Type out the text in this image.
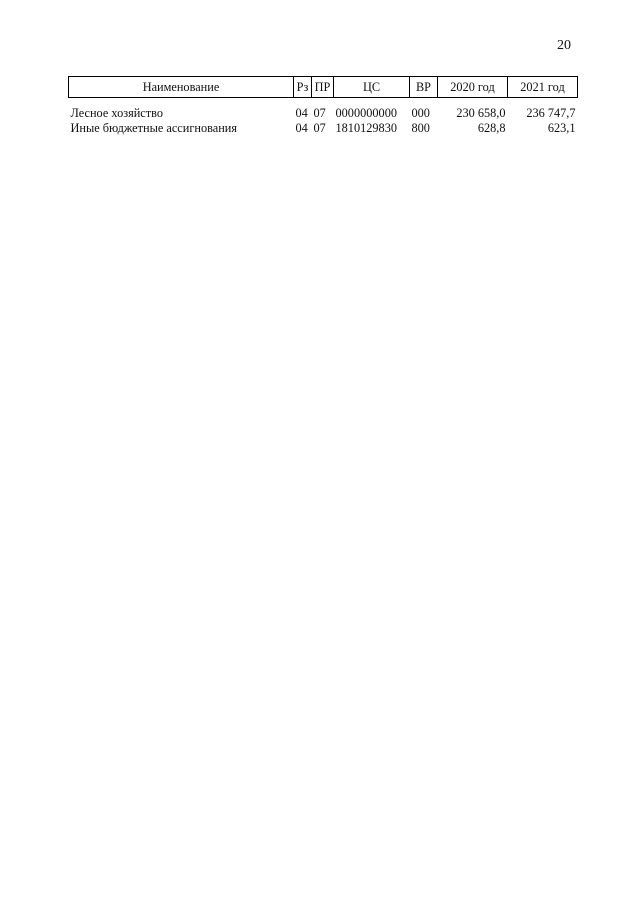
20
Наименование	Рз	ПР	ЦС	ВР	2020 год	2021 год

Лесное хозяйство	04	07	0000000000	000	230 658,0	236 747,7
Иные бюджетные ассигнования	04	07	1810129830	800	628,8	623,1
